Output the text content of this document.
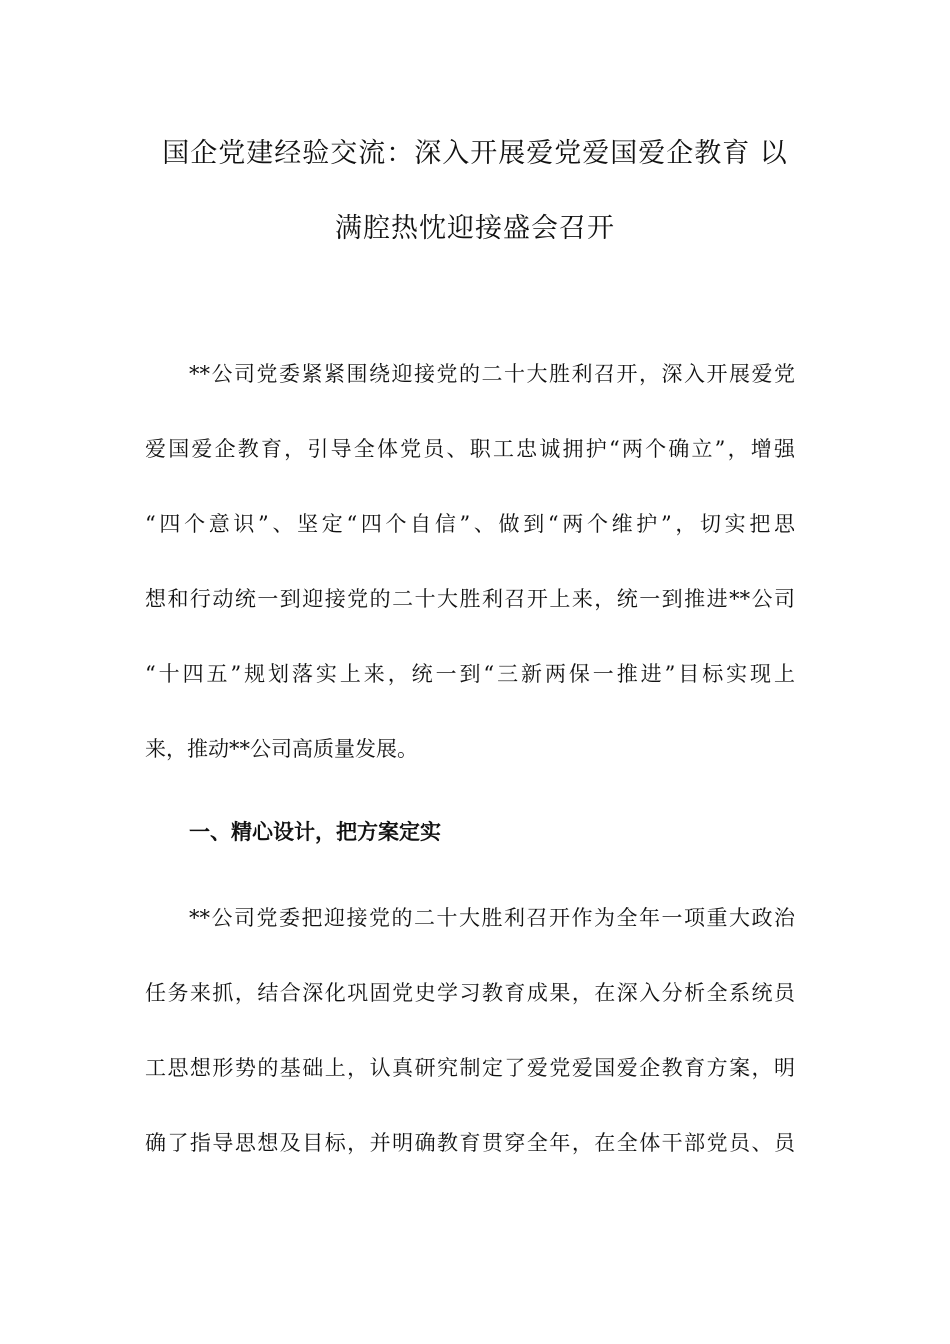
国企党建经验交流：深入开展爱党爱国爱企教育 以
满腔热忱迎接盛会召开
**公司党委紧紧围绕迎接党的二十大胜利召开，深入开展爱党
爱国爱企教育，引导全体党员、职工忠诚拥护“两个确立”，增强
“四个意识”、坚定“四个自信”、做到“两个维护”，切实把思
想和行动统一到迎接党的二十大胜利召开上来，统一到推进**公司
“十四五”规划落实上来，统一到“三新两保一推进”目标实现上
来，推动**公司高质量发展。
一、精心设计，把方案定实
**公司党委把迎接党的二十大胜利召开作为全年一项重大政治
任务来抓，结合深化巩固党史学习教育成果，在深入分析全系统员
工思想形势的基础上，认真研究制定了爱党爱国爱企教育方案，明
确了指导思想及目标，并明确教育贯穿全年，在全体干部党员、员
